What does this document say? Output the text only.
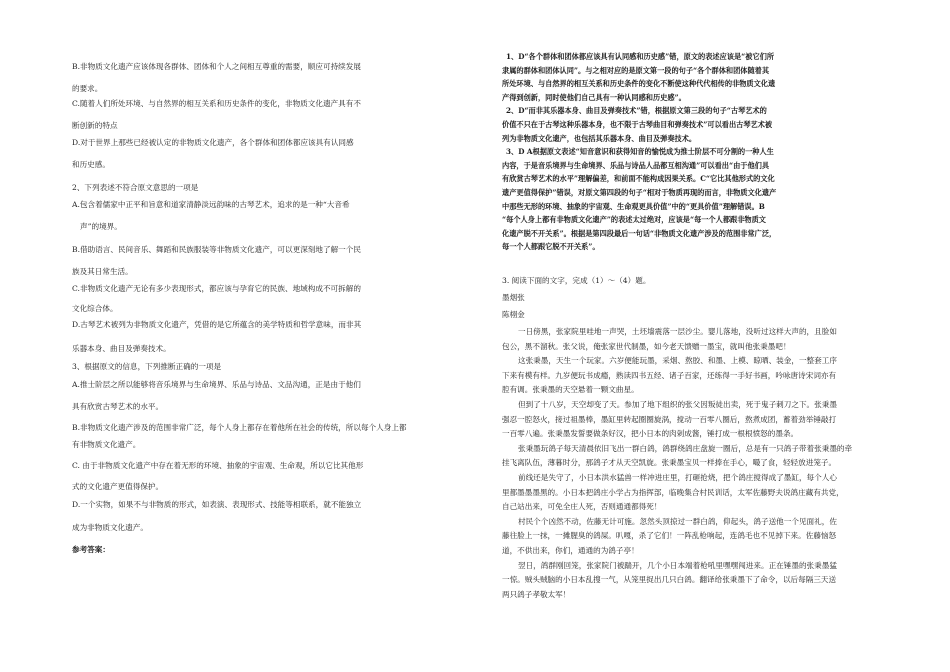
B.非物质文化遗产应该体现各群体、团体和个人之间相互尊重的需要，顺应可持续发展
的要求。
C.随着人们所处环境、与自然界的相互关系和历史条件的变化，非物质文化遗产具有不
断创新的特点
D.对于世界上那些已经被认定的非物质文化遗产，各个群体和团体都应该具有认同感
和历史感。
2、下列表述不符合原文意思的一项是
A.包含着儒家中正平和旨意和道家清静淡远韵味的古琴艺术，追求的是一种“大音希
声”的境界。
B.借助语言、民间音乐、舞蹈和民族服装等非物质文化遗产，可以更深刻地了解一个民
族及其日常生活。
C.非物质文化遗产无论有多少表现形式，都应该与孕育它的民族、地域构成不可拆解的
文化综合体。
D.古琴艺术被列为非物质文化遗产，凭借的是它所蕴含的美学特质和哲学意味，而非其
乐器本身、曲目及弹奏技术。
3、根据原文的信息，下列推断正确的一项是
A.推士阶层之所以能够将音乐境界与生命境界、乐品与诗品、文品沟通，正是由于他们
具有欣赏古琴艺术的水平。
B.非物质文化遗产涉及的范围非常广泛，每个人身上都存在着他所在社会的传统，所以每个人身上都
有非物质文化遗产。
C. 由于非物质文化遗产中存在着无形的环境、抽象的宇宙观、生命观，所以它比其他形
式的文化遗产更值得保护。
D.一个实物，如果不与非物质的形式，如表演、表现形式、技能等相联系，就不能独立
成为非物质文化遗产。
参考答案：
1、D“各个群体和团体都应该具有认同感和历史感”错，原文的表述应该是“被它们所
隶属的群体和团体认同”。与之相对应的是原文第一段的句子“各个群体和团体随着其
所处环境、与自然界的相互关系和历史条件的变化不断使这种代代相传的非物质文化遗
产得到创新，同时使他们自己具有一种认同感和历史感”。
2、D“而非其乐器本身、曲目及弹奏技术”错，根据原文第三段的句子“古琴艺术的
价值不只在于古琴这种乐器本身，也不限于古琴曲目和弹奏技术”可以看出古琴艺术被
列为非物质文化遗产，也包括其乐器本身、曲目及弹奏技术。
3、D A根据原文表述“知音意识和获得知音的愉悦成为推士阶层不可分割的一种人生
内容，于是音乐境界与生命境界、乐品与诗品人品都互相沟通”可以看出“由于他们具
有欣赏古琴艺术的水平”理解偏差，和前面不能构成因果关系。C“它比其他形式的文化
遗产更值得保护”错误，对原文第四段的句子“相对于物质再现的而言，非物质文化遗产
中那些无形的环境、抽象的宇宙观、生命观更具价值”中的“更具价值”理解错误。B
“每个人身上都有非物质文化遗产”的表述太过绝对，应该是“每一个人都跟非物质文
化遗产脱不开关系”。根据是第四段最后一句话“非物质文化遗产涉及的范围非常广泛，
每一个人都跟它脱不开关系”。
3. 阅读下面的文字，完成（1）～（4）题。
墨烟张
陈栩金
一日傍黑，张家院里哇地一声哭，土坯墙震落一层沙尘。婴儿落地，没听过这样大声的，且脸如
包公，黑不溜秋。张父说，俺张家世代制墨，如今老天馈赠一墨宝，就叫他张秉墨吧！
这张秉墨，天生一个玩家。六岁便能玩墨，采烟、熬胶、和墨、上模、晾晒、装金，一整套工序
下来有模有样。九岁便玩书成瘾，熟读四书五经、诸子百家，还练得一手好书画，吟咏唐诗宋词亦有
腔有调。张秉墨的天空悬着一颗文曲星。
但到了十八岁，天空却变了天。参加了地下组织的张父因叛徒出卖，死于鬼子刺刀之下。张秉墨
强忍一腔怒火，接过祖墨棒，墨缸里转起圈圈旋涡，搅动一百零八圈后，熬煮成团，蓄着劲举锤敲打
一百零八遍。张秉墨发誓要做条好汉，把小日本的肉剁成酱，锤打成一根根愤怒的墨条。
张秉墨玩鸽子每天清晨依旧飞出一群白鸽，鸽群绕鸽庄盘旋一圈后，总是有一只鸽子带着张秉墨的牵
挂飞离队伍，薄暮时分，那鸽子才从天空凯旋。张秉墨宝贝一样捧在手心，嘬了食，轻轻放进笼子。
前线还是失守了，小日本洪水猛兽一样冲进庄里，打砸抢烧，把个鸽庄搅得成了墨缸，每个人心
里都墨墨墨黑的。小日本把鸽庄小学占为指挥部，临晚集合村民训话，太军佐藤野夫说鸽庄藏有共党，
自己站出来，可免全庄人死，否则通通都得死！
村民个个凶然不动，佐藤无计可施。忽然头顶掠过一群白鸽，仰起头，鸽子送他一个见面礼，佐
藤往脸上一抹，一摊腥臭的鸽屎。叭嘎，杀了它们！一阵乱枪响起，连鸽毛也不见掉下来。佐藤恼怒
道，不供出来，你们，通通的为鸽子亭！
翌日，鸽群刚回笼，张家院门被踹开，几个小日本端着枪吼里嘿嘿闯进来。正在锤墨的张秉墨猛
一惊。贼头贼脑的小日本乱搜一气，从笼里捉出几只白鸽。翻译给张秉墨下了命令，以后每隔三天送
两只鸽子孝敬太军！
